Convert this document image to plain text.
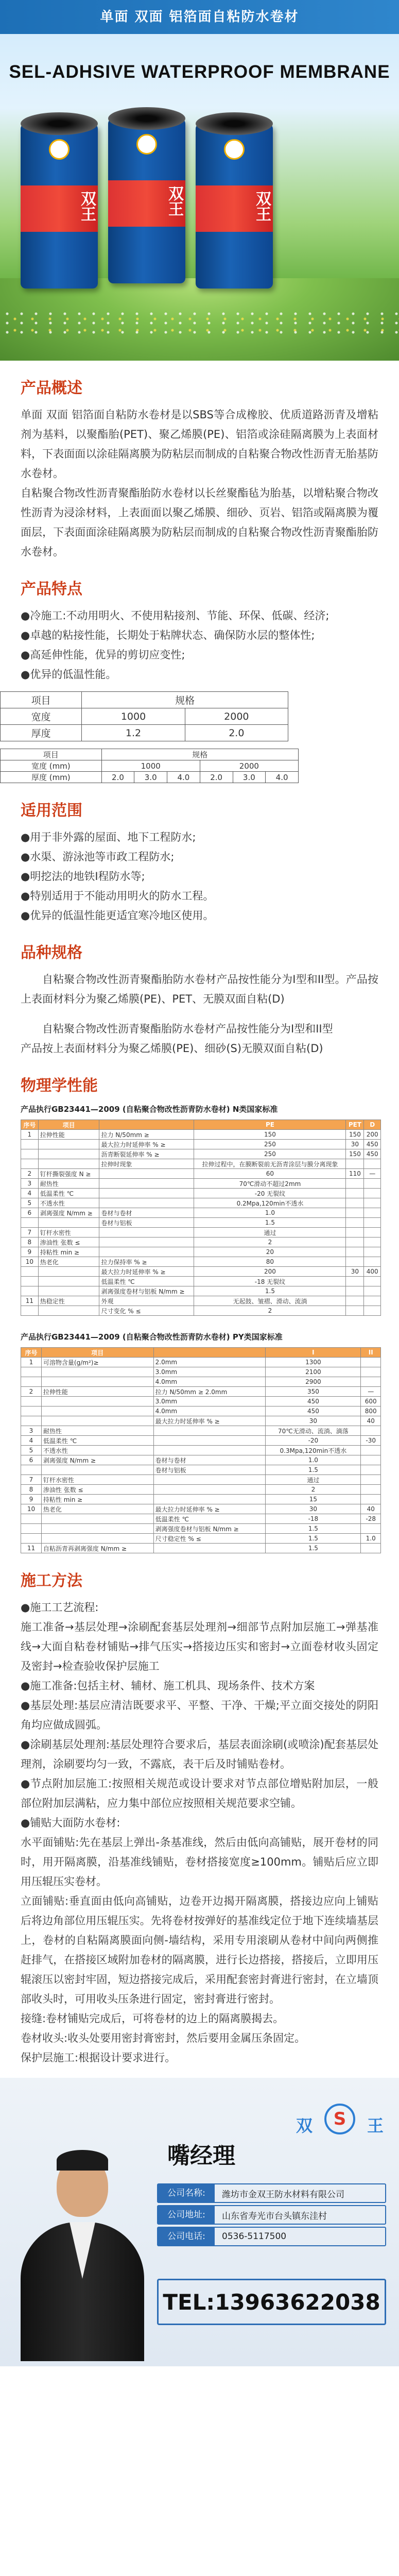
单面 双面 铝箔面自粘防水卷材
SEL-ADHSIVE WATERPROOF MEMBRANE
双王	双王	双王
产品概述

单面 双面 铝箔面自粘防水卷材是以SBS等合成橡胶、优质道路沥青及增粘剂为基料，以聚酯胎(PET)、聚乙烯膜(PE)、铝箔或涂硅隔离膜为上表面材料，下表面面以涂硅隔离膜为防粘层而制成的自粘聚合物改性沥青无胎基防水卷材。

自粘聚合物改性沥青聚酯胎防水卷材以长丝聚酯毡为胎基，以增粘聚合物改性沥青为浸涂材料，上表面面以聚乙烯膜、细砂、页岩、铝箔或隔离膜为覆面层，下表面面涂硅隔离膜为防粘层而制成的自粘聚合物改性沥青聚酯胎防水卷材。

产品特点
●冷施工:不动用明火、不使用粘接剂、节能、环保、低碳、经济;
●卓越的粘接性能，长期处于粘牌状态、确保防水层的整体性;
●高延伸性能，优异的剪切应变性;
●优异的低温性能。
项目	规格	
宽度	1000	2000
厚度	1.2	2.0
项目	规格					
宽度 (mm)	1000			2000		
厚度 (mm)	2.0	3.0	4.0	2.0	3.0	4.0
适用范围
●用于非外露的屋面、地下工程防水;
●水渠、游泳池等市政工程防水;
●明挖法的地铁I程防水等;
●特别适用于不能动用明火的防水工程。
●优异的低温性能更适宜寒冷地区使用。
品种规格

自粘聚合物改性沥青聚酯胎防水卷材产品按性能分为I型和II型。产品按上表面材料分为聚乙烯膜(PE)、PET、无膜双面自粘(D)

自粘聚合物改性沥青聚酯胎防水卷材产品按性能分为I型和II型

产品按上表面材料分为聚乙烯膜(PE)、细砂(S)无膜双面自粘(D)

物理学性能
产品执行GB23441—2009 (自粘聚合物改性沥青防水卷材) N类国家标准
序号	项目		PE	PET	D
1	拉伸性能	拉力 N/50mm ≥	150	150	200
		最大拉力时延伸率 % ≥	250	30	450
		沥青断裂延伸率 % ≥	250	150	450
		拉伸时现象	拉伸过程中，在膜断裂前无沥青涂层与膜分离现象		
2	钉杆撕裂强度 N ≥		60	110	—
3	耐热性		70℃滑动不超过2mm		
4	低温柔性 ℃		-20 无裂纹		
5	不透水性		0.2Mpa,120min不透水		
6	剥离强度 N/mm ≥	卷材与卷材	1.0		
		卷材与铝板	1.5		
7	钉杆水密性		通过		
8	渗油性 张数 ≤		2		
9	持粘性 min ≥		20		
10	热老化	拉力保持率 % ≥	80		
		最大拉力时延伸率 % ≥	200	30	400
		低温柔性 ℃	-18 无裂纹		
		剥离强度卷材与铝板 N/mm ≥	1.5		
11	热稳定性	外观	无起鼓、皱褶、滑动、流淌		
		尺寸变化 % ≤	2		
产品执行GB23441—2009 (自粘聚合物改性沥青防水卷材) PY类国家标准
序号	项目		I	II
1	可溶物含量(g/m²)≥	2.0mm	1300	
		3.0mm	2100	
		4.0mm	2900	
2	拉伸性能	拉力 N/50mm ≥ 2.0mm	350	—
		3.0mm	450	600
		4.0mm	450	800
		最大拉力时延伸率 % ≥	30	40
3	耐热性		70℃无滑动、流淌、滴落	
4	低温柔性 ℃		-20	-30
5	不透水性		0.3Mpa,120min不透水	
6	剥离强度 N/mm ≥	卷材与卷材	1.0	
		卷材与铝板	1.5	
7	钉杆水密性		通过	
8	渗油性 张数 ≤		2	
9	持粘性 min ≥		15	
10	热老化	最大拉力时延伸率 % ≥	30	40
		低温柔性 ℃	-18	-28
		剥离强度卷材与铝板 N/mm ≥	1.5	
		尺寸稳定性 % ≤	1.5	1.0
11	自粘沥青再剥离强度 N/mm ≥		1.5	
施工方法

●施工工艺流程:

施工准备→基层处理→涂刷配套基层处理剂→细部节点附加层施工→弹基准线→大面自粘卷材铺贴→排气压实→搭接边压实和密封→立面卷材收头固定及密封→检查验收保护层施工

●施工准备:包括主材、辅材、施工机具、现场条件、技术方案

●基层处理:基层应清洁既要求平、平整、干净、干燥;平立面交接处的阴阳角均应做成圆弧。

●涂刷基层处理剂:基层处理符合要求后，基层表面涂刷(或喷涂)配套基层处理剂，涂刷要均匀一致，不露底，表干后及时铺贴卷材。

●节点附加层施工:按照相关规范或设计要求对节点部位增贴附加层，一般部位附加层满粘，应力集中部位应按照相关规范要求空铺。

●铺贴大面防水卷材:

水平面铺贴:先在基层上弹出-条基准线，然后由低向高铺贴，展开卷材的同时，用开隔离膜，沿基准线铺贴，卷材搭接宽度≥100mm。铺贴后应立即用压辊压实卷材。

立面铺贴:垂直面由低向高铺贴，边卷开边揭开隔离膜，搭接边应向上铺贴后将边角部位用压辊压实。先将卷材按弹好的基准线定位于地下连续墙基层上，卷材的自粘隔离膜面向侧-墙结构，采用专用滚刷从卷材中间向两侧推赶排气，在搭接区域附加卷材的隔离膜，进行长边搭接，搭接后，立即用压辊滚压以密封牢固，短边搭接完成后，采用配套密封膏进行密封，在立墙顶部收头时，可用收头压条进行固定，密封膏进行密封。

接缝:卷材铺贴完成后，可将卷材的边上的隔离膜揭去。

卷材收头:收头处要用密封膏密封，然后要用金属压条固定。

保护层施工:根据设计要求进行。

嘴经理
双	S	王
公司名称:	潍坊市金双王防水材料有限公司
公司地址:	山东省寿光市台头镇东洼村
公司电话:	0536-5117500
TEL: 13963622038
